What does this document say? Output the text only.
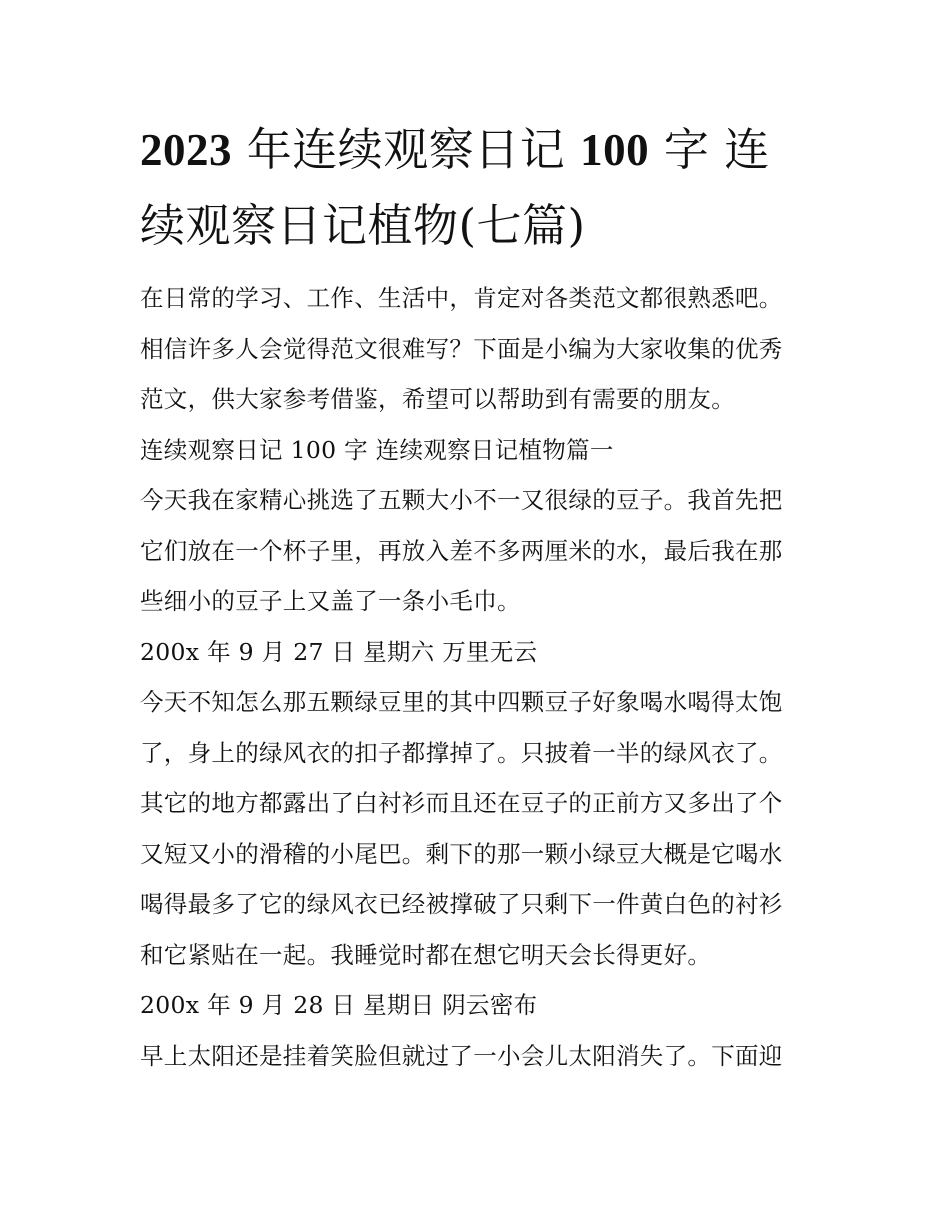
2023 年连续观察日记 100 字 连
续观察日记植物(七篇)

在日常的学习、工作、生活中，肯定对各类范文都很熟悉吧。

相信许多人会觉得范文很难写？下面是小编为大家收集的优秀

范文，供大家参考借鉴，希望可以帮助到有需要的朋友。

连续观察日记 100 字 连续观察日记植物篇一

今天我在家精心挑选了五颗大小不一又很绿的豆子。我首先把

它们放在一个杯子里，再放入差不多两厘米的水，最后我在那

些细小的豆子上又盖了一条小毛巾。

200x 年 9 月 27 日 星期六 万里无云

今天不知怎么那五颗绿豆里的其中四颗豆子好象喝水喝得太饱

了，身上的绿风衣的扣子都撑掉了。只披着一半的绿风衣了。

其它的地方都露出了白衬衫而且还在豆子的正前方又多出了个

又短又小的滑稽的小尾巴。剩下的那一颗小绿豆大概是它喝水

喝得最多了它的绿风衣已经被撑破了只剩下一件黄白色的衬衫

和它紧贴在一起。我睡觉时都在想它明天会长得更好。

200x 年 9 月 28 日 星期日 阴云密布

早上太阳还是挂着笑脸但就过了一小会儿太阳消失了。下面迎
